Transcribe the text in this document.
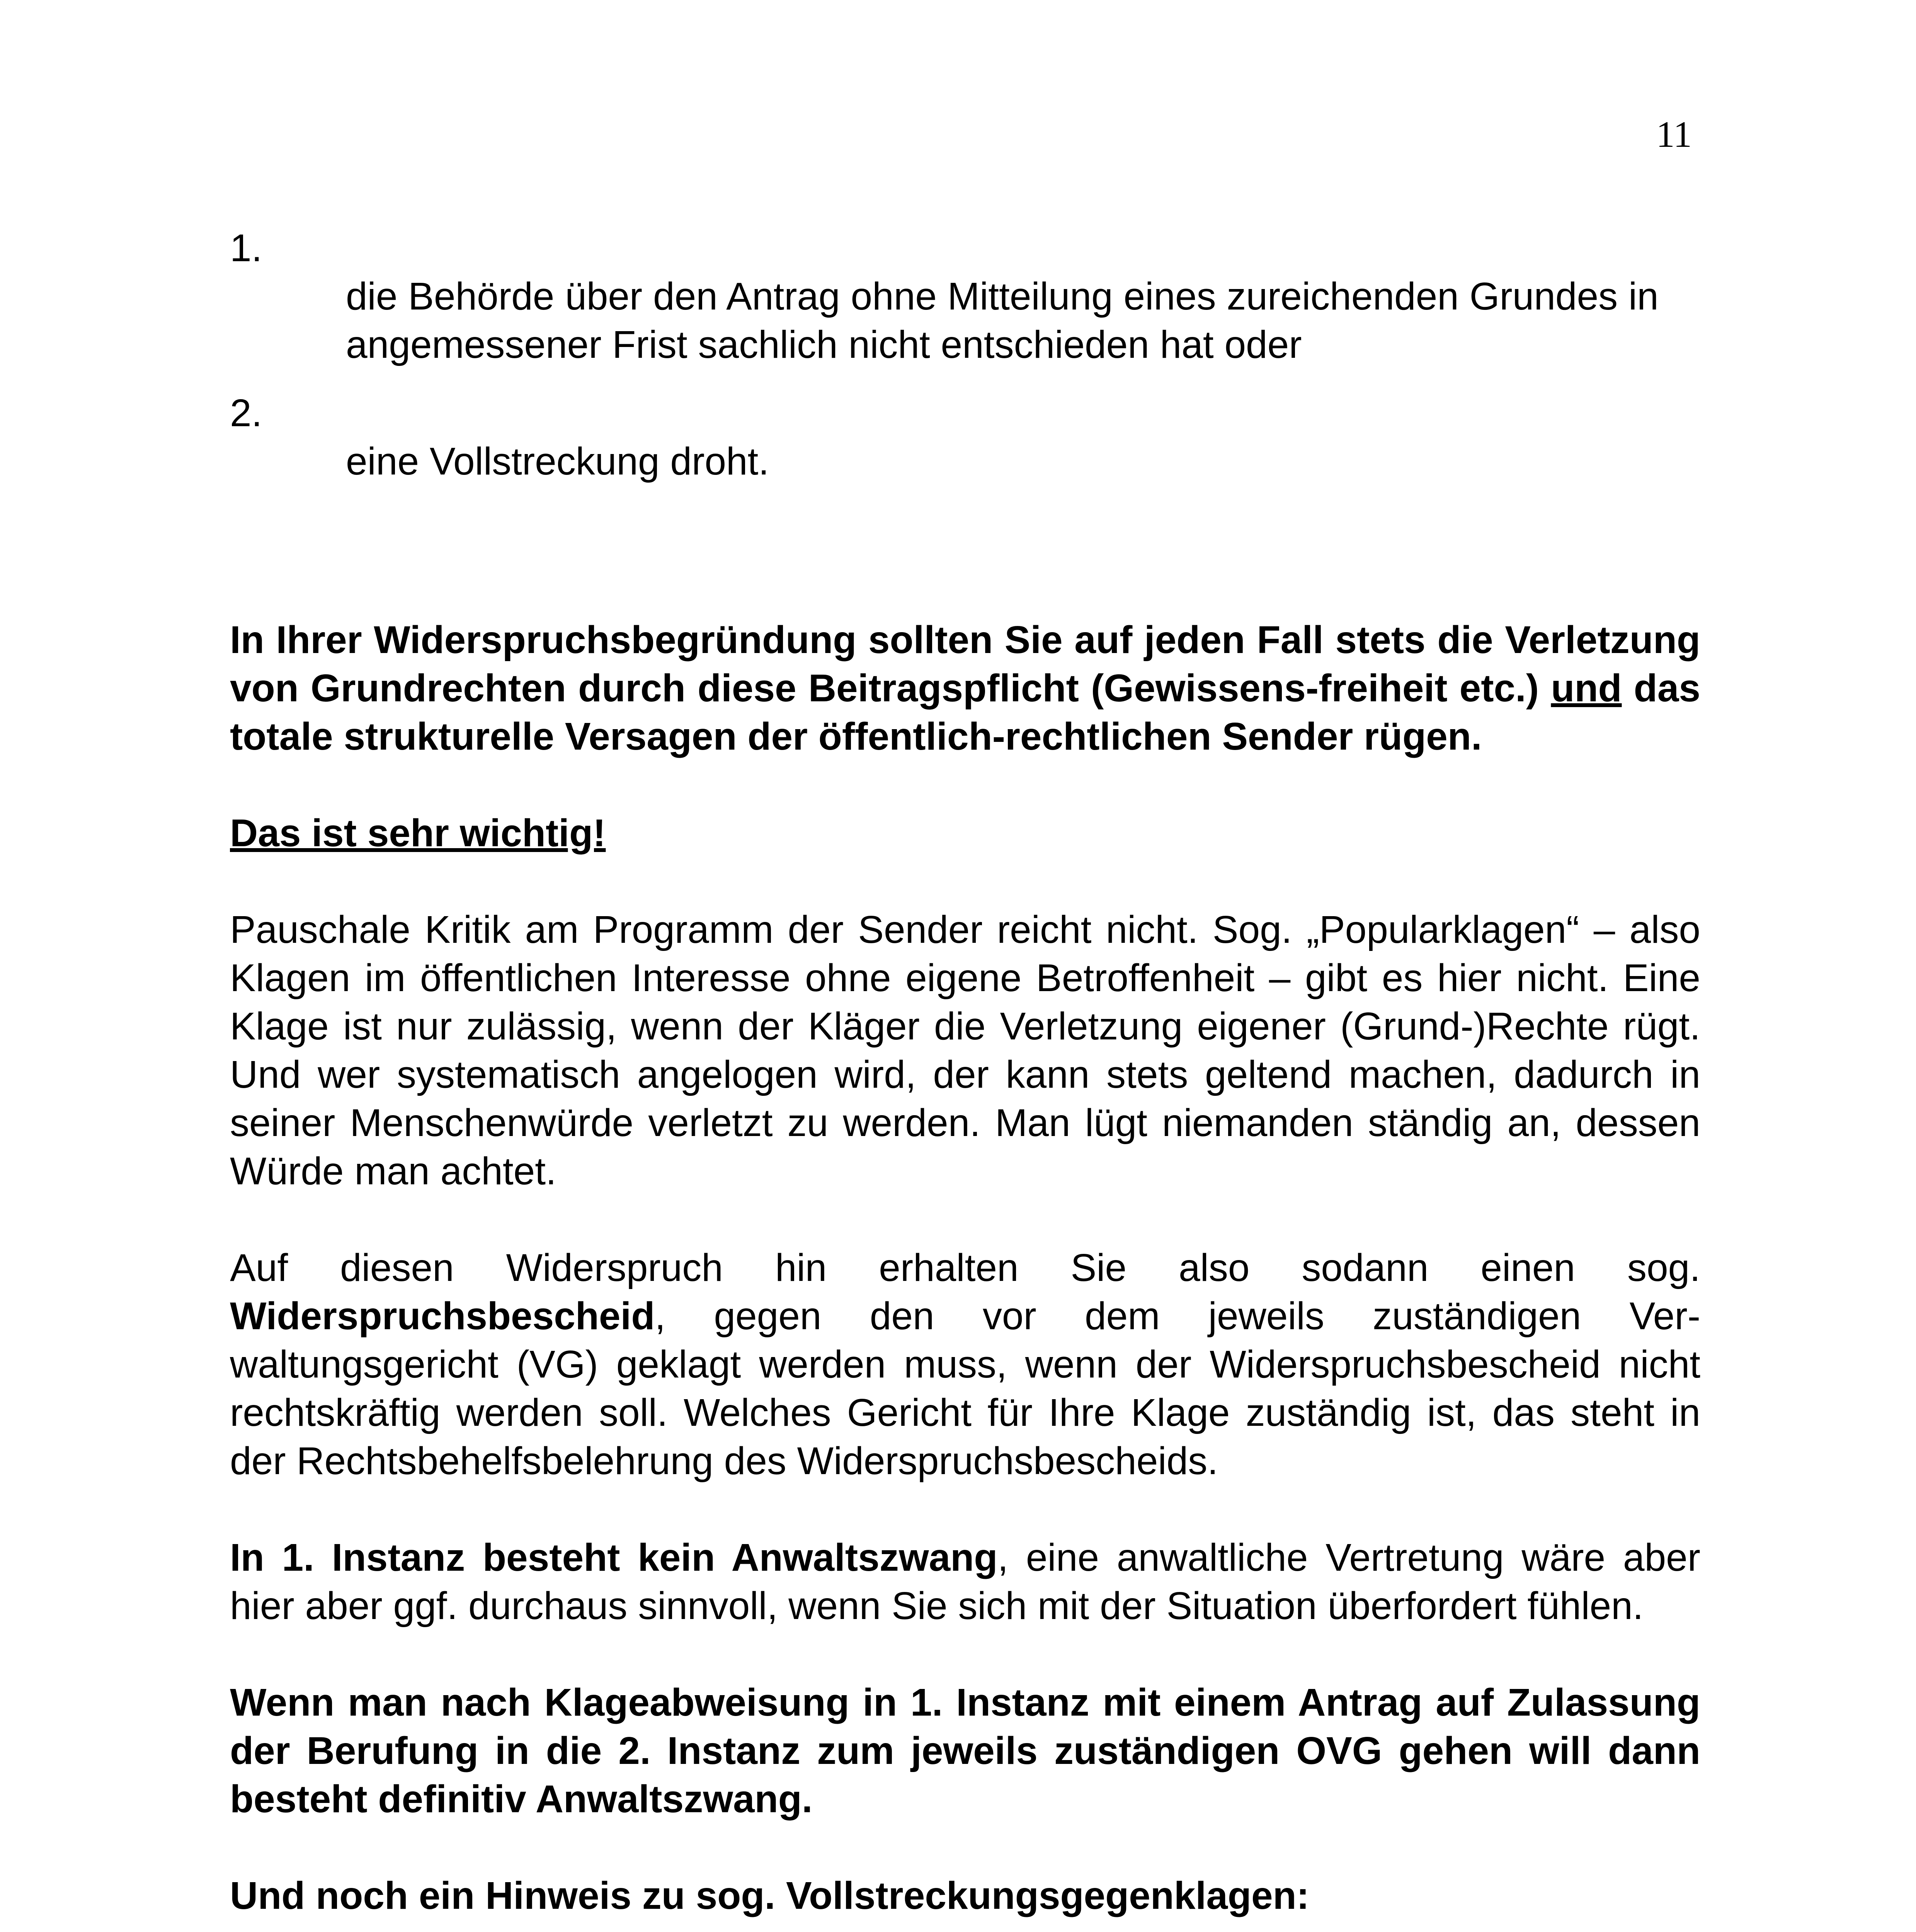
11
1.
die Behörde über den Antrag ohne Mitteilung eines zureichenden Grundes in angemessener Frist sachlich nicht entschieden hat oder
2.
eine Vollstreckung droht.

In Ihrer Widerspruchsbegründung sollten Sie auf jeden Fall stets die Verletzung von Grundrechten durch diese Beitragspflicht (Gewissens-freiheit etc.) und das totale strukturelle Versagen der öffentlich-rechtlichen Sender rügen.

Das ist sehr wichtig!

Pauschale Kritik am Programm der Sender reicht nicht. Sog. „Popularklagen“ – also Klagen im öffentlichen Interesse ohne eigene Betroffenheit – gibt es hier nicht. Eine Klage ist nur zulässig, wenn der Kläger die Verletzung eigener (Grund-)Rechte rügt. Und wer systematisch angelogen wird, der kann stets geltend machen, dadurch in seiner Menschenwürde verletzt zu werden. Man lügt niemanden ständig an, dessen Würde man achtet.

Auf diesen Widerspruch hin erhalten Sie also sodann einen sog. Widerspruchsbescheid, gegen den vor dem jeweils zuständigen Ver-waltungsgericht (VG) geklagt werden muss, wenn der Widerspruchsbescheid nicht rechtskräftig werden soll. Welches Gericht für Ihre Klage zuständig ist, das steht in der Rechtsbehelfsbelehrung des Widerspruchsbescheids.

In 1. Instanz besteht kein Anwaltszwang, eine anwaltliche Vertretung wäre aber hier aber ggf. durchaus sinnvoll, wenn Sie sich mit der Situation überfordert fühlen.

Wenn man nach Klageabweisung in 1. Instanz mit einem Antrag auf Zulassung der Berufung in die 2. Instanz zum jeweils zuständigen OVG gehen will dann besteht definitiv Anwaltszwang.

Und noch ein Hinweis zu sog. Vollstreckungsgegenklagen:
